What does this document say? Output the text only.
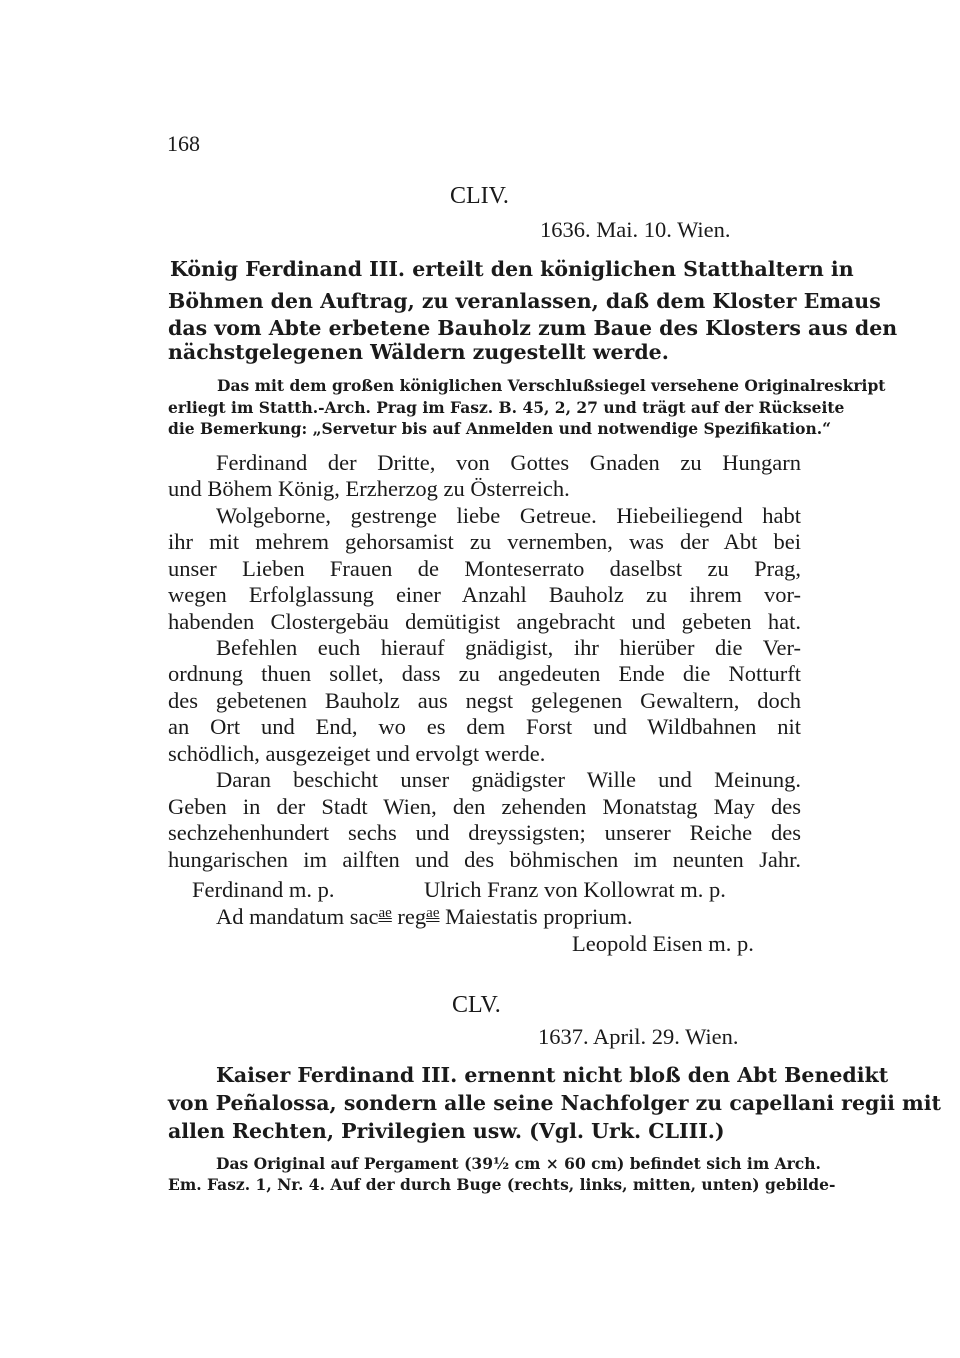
168
CLIV.
1636. Mai. 10. Wien.
König Ferdinand III. erteilt den königlichen Statthaltern in
Böhmen den Auftrag, zu veranlassen, daß dem Kloster Emaus
das vom Abte erbetene Bauholz zum Baue des Klosters aus den
nächstgelegenen Wäldern zugestellt werde.
Das mit dem großen königlichen Verschlußsiegel versehene Originalreskript
erliegt im Statth.-Arch. Prag im Fasz. B. 45, 2, 27 und trägt auf der Rückseite
die Bemerkung: „Servetur bis auf Anmelden und notwendige Spezifikation.“
Ferdinand der Dritte, von Gottes Gnaden zu Hungarn
und Böhem König, Erzherzog zu Österreich.
Wolgeborne, gestrenge liebe Getreue. Hiebeiliegend habt
ihr mit mehrem gehorsamist zu vernemben, was der Abt bei
unser Lieben Frauen de Monteserrato daselbst zu Prag,
wegen Erfolglassung einer Anzahl Bauholz zu ihrem vor-
habenden Clostergebäu demütigist angebracht und gebeten hat.
Befehlen euch hierauf gnädigist, ihr hierüber die Ver-
ordnung thuen sollet, dass zu angedeuten Ende die Notturft
des gebetenen Bauholz aus negst gelegenen Gewaltern, doch
an Ort und End, wo es dem Forst und Wildbahnen nit
schödlich, ausgezeiget und ervolgt werde.
Daran beschicht unser gnädigster Wille und Meinung.
Geben in der Stadt Wien, den zehenden Monatstag May des
sechzehenhundert sechs und dreyssigsten; unserer Reiche des
hungarischen im ailften und des böhmischen im neunten Jahr.
Ferdinand m. p.	Ulrich Franz von Kollowrat m. p.
Ad mandatum sac$^{ae}$ reg$^{ae}$ Maiestatis proprium.
Leopold Eisen m. p.
CLV.
1637. April. 29. Wien.
Kaiser Ferdinand III. ernennt nicht bloß den Abt Benedikt
von Peñalossa, sondern alle seine Nachfolger zu capellani regii mit
allen Rechten, Privilegien usw. (Vgl. Urk. CLIII.)
Das Original auf Pergament (39½ cm × 60 cm) befindet sich im Arch.
Em. Fasz. 1, Nr. 4. Auf der durch Buge (rechts, links, mitten, unten) gebilde-
